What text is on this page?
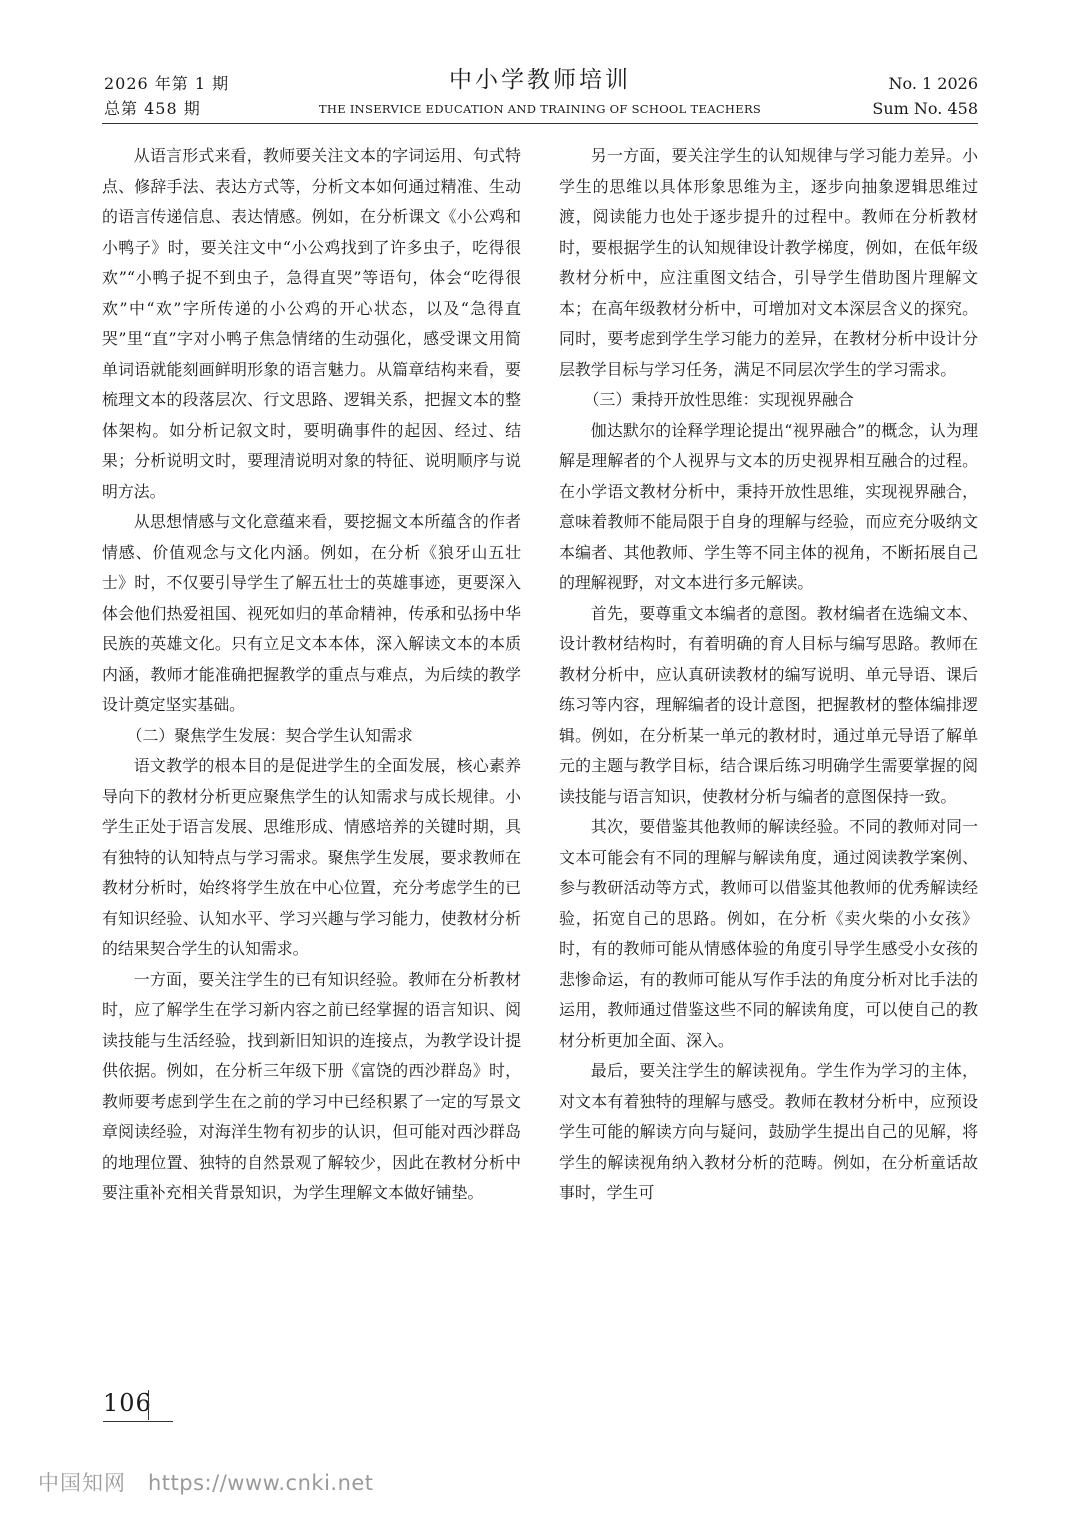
2026 年第 1 期
总第 458 期
中小学教师培训
THE INSERVICE EDUCATION AND TRAINING OF SCHOOL TEACHERS
No. 1 2026
Sum No. 458

从语言形式来看，教师要关注文本的字词运用、句式特点、修辞手法、表达方式等，分析文本如何通过精准、生动的语言传递信息、表达情感。例如，在分析课文《小公鸡和小鸭子》时，要关注文中“小公鸡找到了许多虫子，吃得很欢”“小鸭子捉不到虫子，急得直哭”等语句，体会“吃得很欢”中“欢”字所传递的小公鸡的开心状态，以及“急得直哭”里“直”字对小鸭子焦急情绪的生动强化，感受课文用简单词语就能刻画鲜明形象的语言魅力。从篇章结构来看，要梳理文本的段落层次、行文思路、逻辑关系，把握文本的整体架构。如分析记叙文时，要明确事件的起因、经过、结果；分析说明文时，要理清说明对象的特征、说明顺序与说明方法。

从思想情感与文化意蕴来看，要挖掘文本所蕴含的作者情感、价值观念与文化内涵。例如，在分析《狼牙山五壮士》时，不仅要引导学生了解五壮士的英雄事迹，更要深入体会他们热爱祖国、视死如归的革命精神，传承和弘扬中华民族的英雄文化。只有立足文本本体，深入解读文本的本质内涵，教师才能准确把握教学的重点与难点，为后续的教学设计奠定坚实基础。

（二）聚焦学生发展：契合学生认知需求

语文教学的根本目的是促进学生的全面发展，核心素养导向下的教材分析更应聚焦学生的认知需求与成长规律。小学生正处于语言发展、思维形成、情感培养的关键时期，具有独特的认知特点与学习需求。聚焦学生发展，要求教师在教材分析时，始终将学生放在中心位置，充分考虑学生的已有知识经验、认知水平、学习兴趣与学习能力，使教材分析的结果契合学生的认知需求。

一方面，要关注学生的已有知识经验。教师在分析教材时，应了解学生在学习新内容之前已经掌握的语言知识、阅读技能与生活经验，找到新旧知识的连接点，为教学设计提供依据。例如，在分析三年级下册《富饶的西沙群岛》时，教师要考虑到学生在之前的学习中已经积累了一定的写景文章阅读经验，对海洋生物有初步的认识，但可能对西沙群岛的地理位置、独特的自然景观了解较少，因此在教材分析中要注重补充相关背景知识，为学生理解文本做好铺垫。

另一方面，要关注学生的认知规律与学习能力差异。小学生的思维以具体形象思维为主，逐步向抽象逻辑思维过渡，阅读能力也处于逐步提升的过程中。教师在分析教材时，要根据学生的认知规律设计教学梯度，例如，在低年级教材分析中，应注重图文结合，引导学生借助图片理解文本；在高年级教材分析中，可增加对文本深层含义的探究。同时，要考虑到学生学习能力的差异，在教材分析中设计分层教学目标与学习任务，满足不同层次学生的学习需求。

（三）秉持开放性思维：实现视界融合

伽达默尔的诠释学理论提出“视界融合”的概念，认为理解是理解者的个人视界与文本的历史视界相互融合的过程。在小学语文教材分析中，秉持开放性思维，实现视界融合，意味着教师不能局限于自身的理解与经验，而应充分吸纳文本编者、其他教师、学生等不同主体的视角，不断拓展自己的理解视野，对文本进行多元解读。

首先，要尊重文本编者的意图。教材编者在选编文本、设计教材结构时，有着明确的育人目标与编写思路。教师在教材分析中，应认真研读教材的编写说明、单元导语、课后练习等内容，理解编者的设计意图，把握教材的整体编排逻辑。例如，在分析某一单元的教材时，通过单元导语了解单元的主题与教学目标，结合课后练习明确学生需要掌握的阅读技能与语言知识，使教材分析与编者的意图保持一致。

其次，要借鉴其他教师的解读经验。不同的教师对同一文本可能会有不同的理解与解读角度，通过阅读教学案例、参与教研活动等方式，教师可以借鉴其他教师的优秀解读经验，拓宽自己的思路。例如，在分析《卖火柴的小女孩》时，有的教师可能从情感体验的角度引导学生感受小女孩的悲惨命运，有的教师可能从写作手法的角度分析对比手法的运用，教师通过借鉴这些不同的解读角度，可以使自己的教材分析更加全面、深入。

最后，要关注学生的解读视角。学生作为学习的主体，对文本有着独特的理解与感受。教师在教材分析中，应预设学生可能的解读方向与疑问，鼓励学生提出自己的见解，将学生的解读视角纳入教材分析的范畴。例如，在分析童话故事时，学生可

106
中国知网 https://www.cnki.net
